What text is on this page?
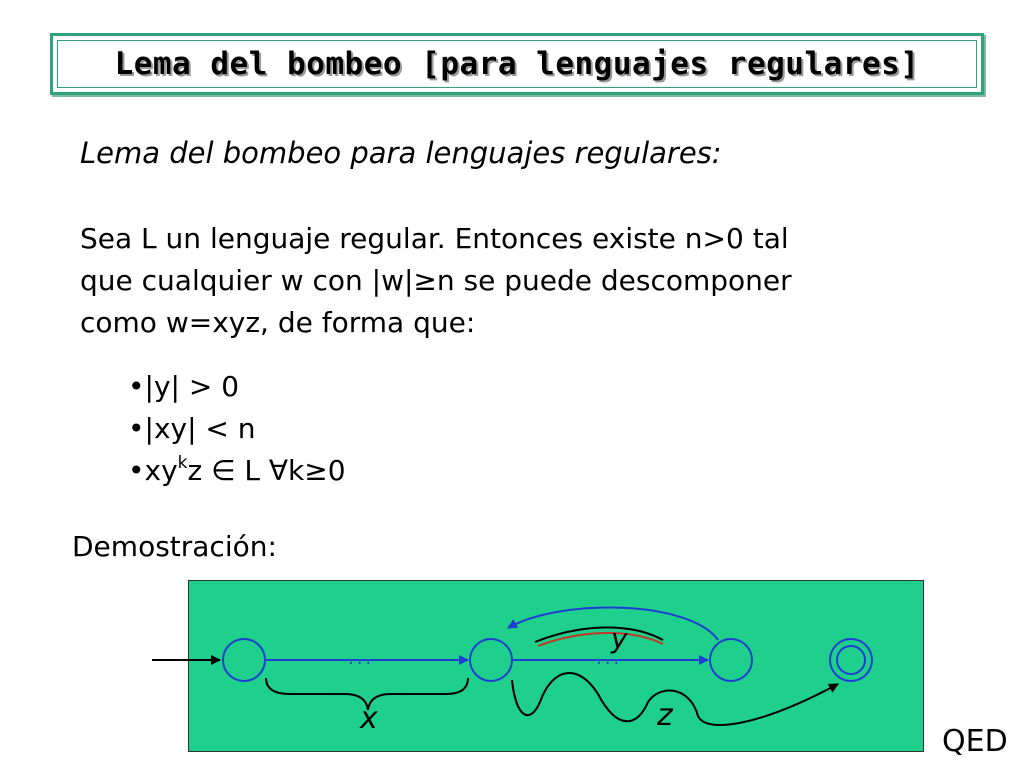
Lema del bombeo [para lenguajes regulares]
Lema del bombeo para lenguajes regulares:
Sea L un lenguaje regular. Entonces existe n>0 tal
que cualquier w con |w|≥n se puede descomponer
como w=xyz, de forma que:
•|y| > 0
•|xy| < n
$•xy^kz$ ∈ L ∀k≥0
Demostración:
...	...
x
y
z
QED
